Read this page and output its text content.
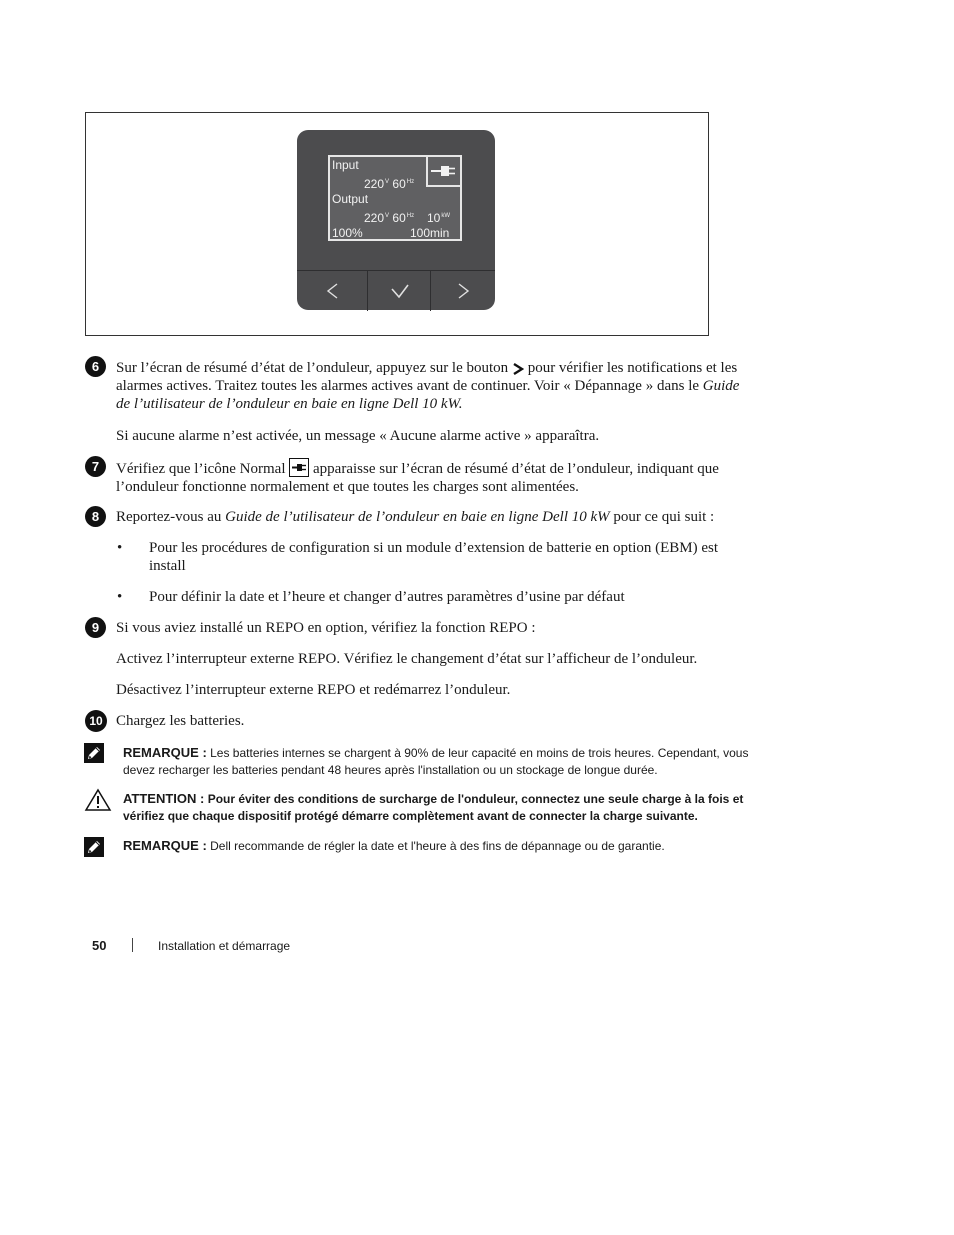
Input
$220^V$ $60^{Hz}$
Output
$220^V$ $60^{Hz}$ $10^{kW}$
100%	100min
6	Sur l’écran de résumé d’état de l’onduleur, appuyez sur le bouton  pour vérifier les notifications et les alarmes actives. Traitez toutes les alarmes actives avant de continuer. Voir « Dépannage » dans le Guide de l’utilisateur de l’onduleur en baie en ligne Dell 10 kW.

Si aucune alarme n’est activée, un message « Aucune alarme active » apparaîtra.

7	Vérifiez que l’icône Normal  apparaisse sur l’écran de résumé d’état de l’onduleur, indiquant que l’onduleur fonctionne normalement et que toutes les charges sont alimentées.

8	Reportez-vous au Guide de l’utilisateur de l’onduleur en baie en ligne Dell 10 kW pour ce qui suit :

• Pour les procédures de configuration si un module d’extension de batterie en option (EBM) est install

• Pour définir la date et l’heure et changer d’autres paramètres d’usine par défaut

9	Si vous aviez installé un REPO en option, vérifiez la fonction REPO :

Activez l’interrupteur externe REPO. Vérifiez le changement d’état sur l’afficheur de l’onduleur.

Désactivez l’interrupteur externe REPO et redémarrez l’onduleur.

10 Chargez les batteries.

REMARQUE : Les batteries internes se chargent à 90% de leur capacité en moins de trois heures. Cependant, vous devez recharger les batteries pendant 48 heures après l'installation ou un stockage de longue durée.

ATTENTION : Pour éviter des conditions de surcharge de l'onduleur, connectez une seule charge à la fois et vérifiez que chaque dispositif protégé démarre complètement avant de connecter la charge suivante.

REMARQUE : Dell recommande de régler la date et l'heure à des fins de dépannage ou de garantie.

50	Installation et démarrage
